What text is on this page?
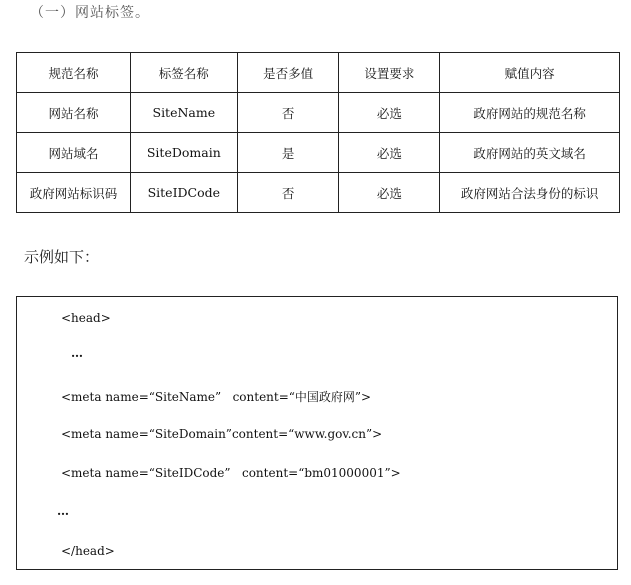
（一）网站标签。
规范名称	标签名称	是否多值	设置要求	赋值内容
网站名称	SiteName	否	必选	政府网站的规范名称
网站域名	SiteDomain	是	必选	政府网站的英文域名
政府网站标识码	SiteIDCode	否	必选	政府网站合法身份的标识
示例如下：
<head>
…
<meta name=“SiteName”   content=“中国政府网”>
<meta name=“SiteDomain”content=“www.gov.cn”>
<meta name=“SiteIDCode”   content=“bm01000001”>
…
</head>
